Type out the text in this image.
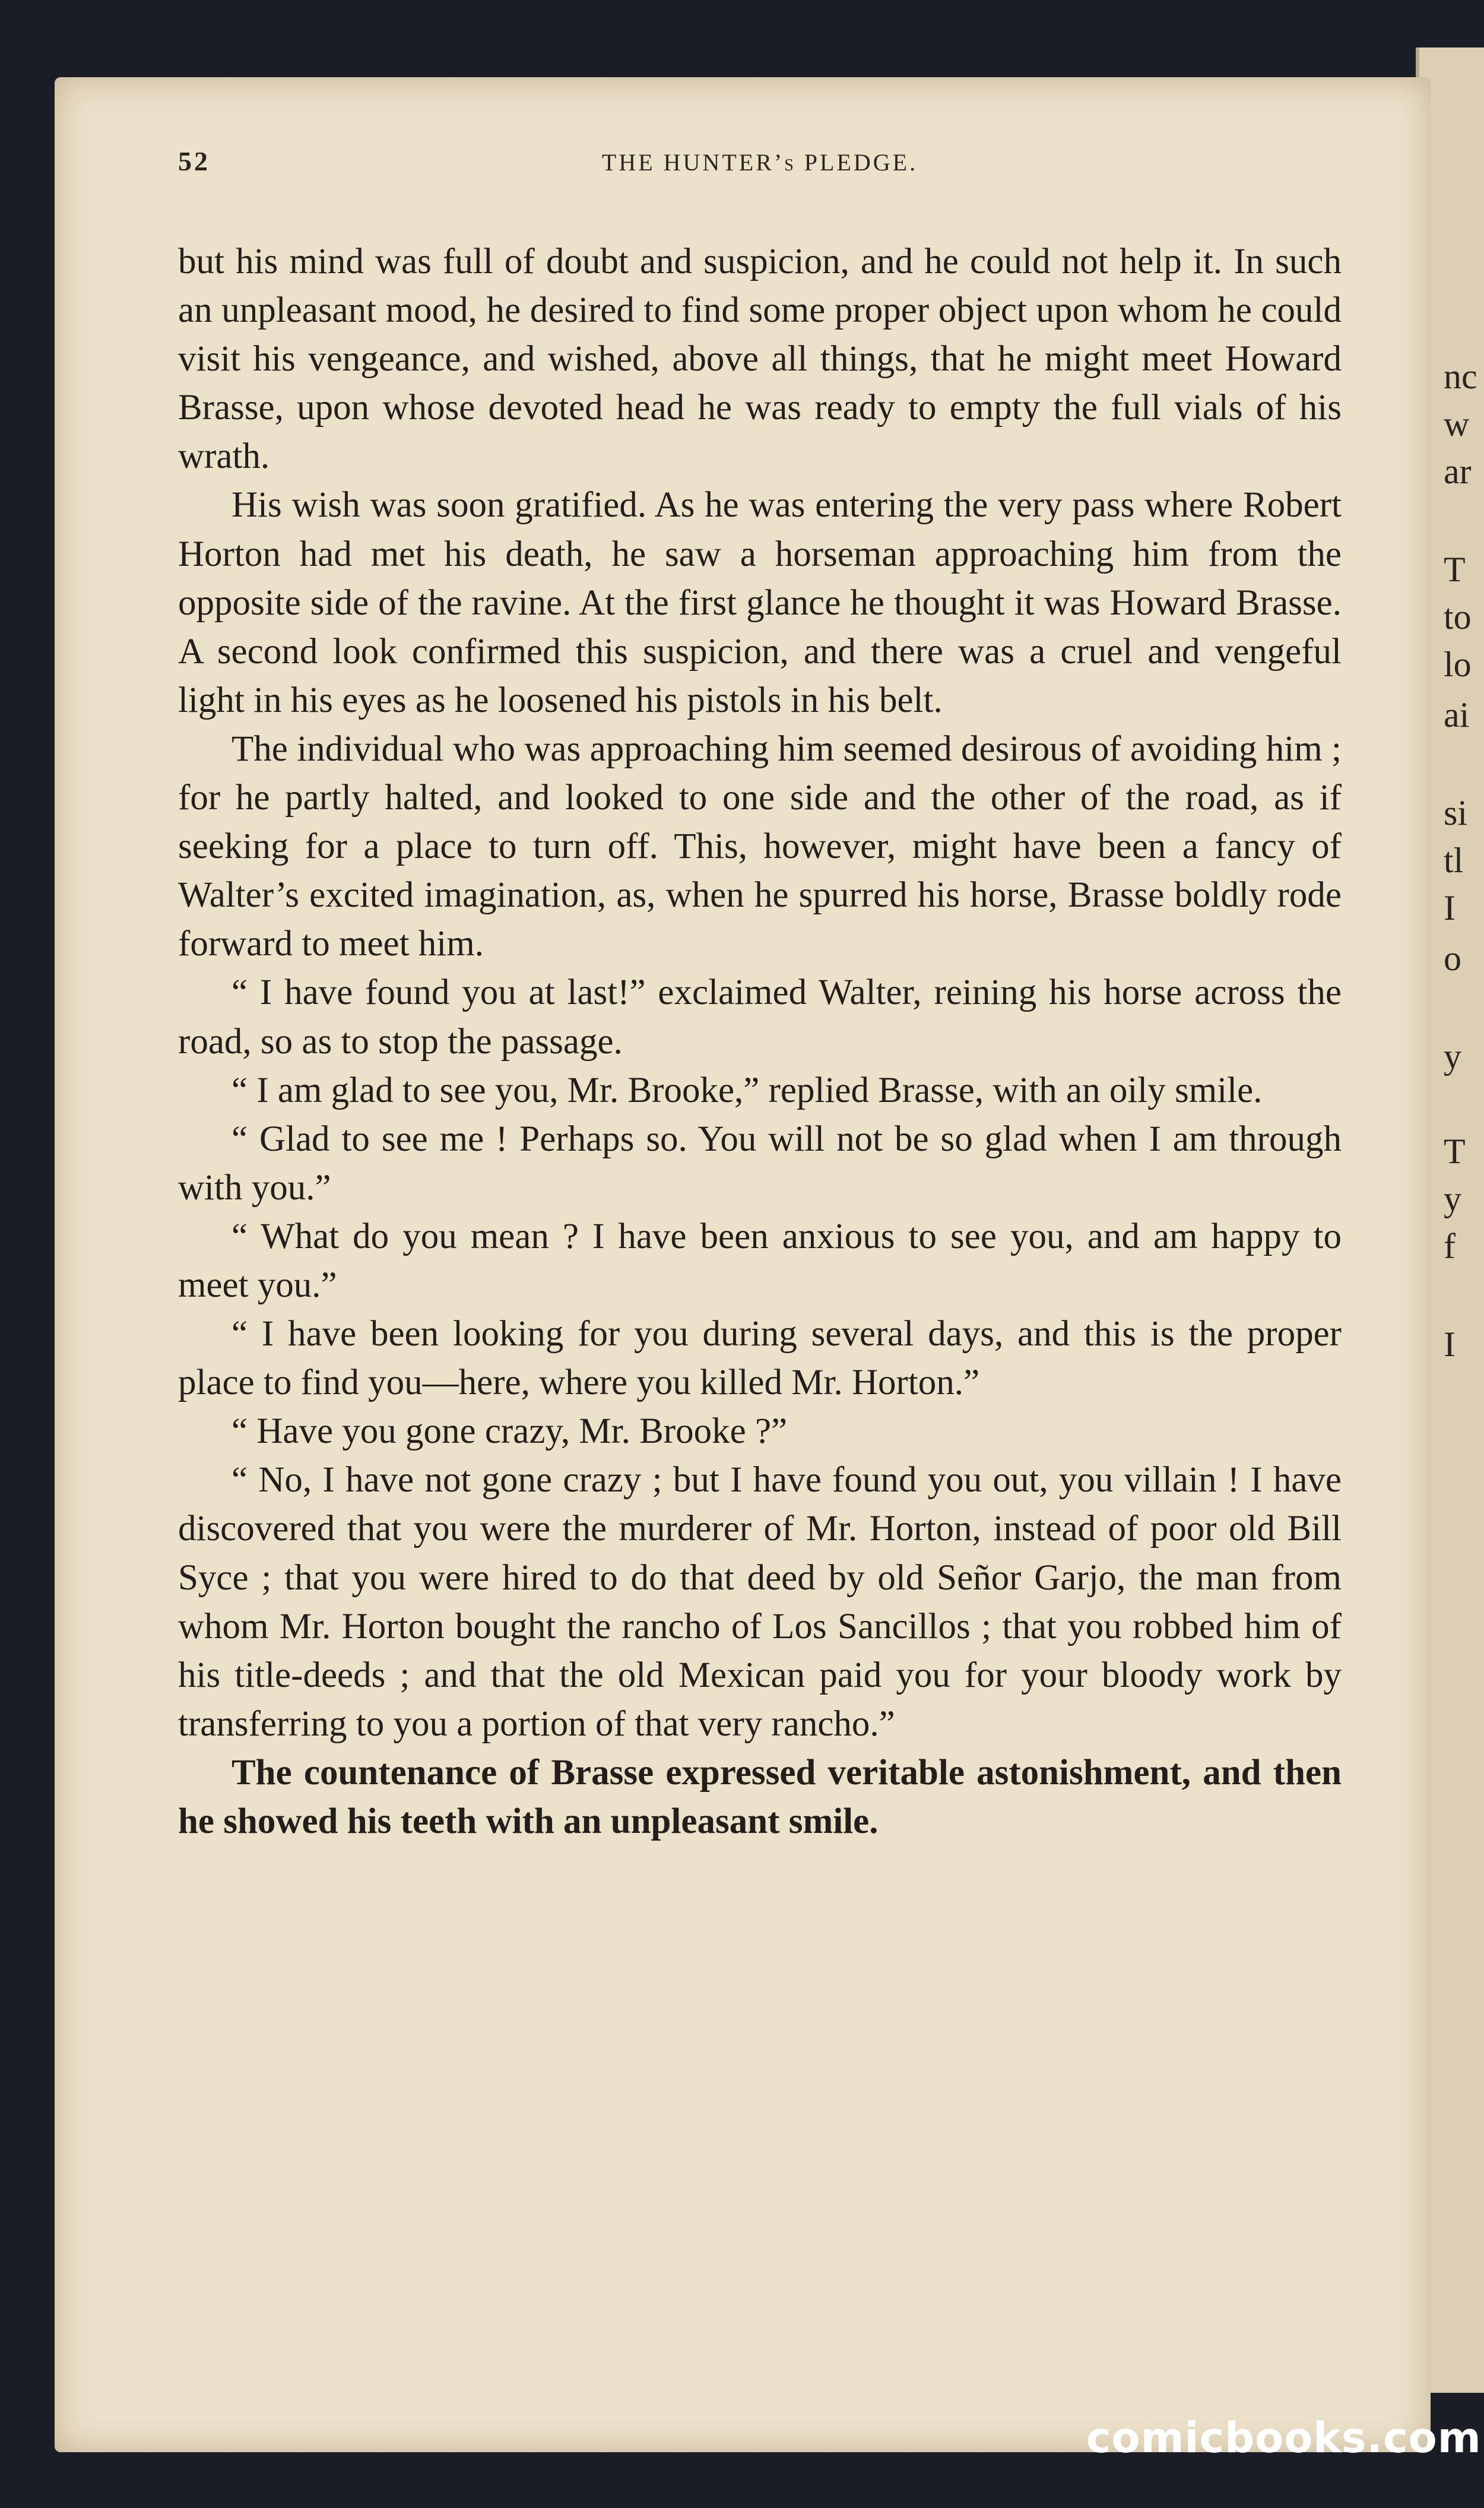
nc
w
ar
T
to
lo
ai
si
tl
I
o
y
T
y
f
I
52	THE HUNTER’s PLEDGE.

but his mind was full of doubt and suspicion, and he could not help it. In such an unpleasant mood, he desired to find some proper object upon whom he could visit his vengeance, and wished, above all things, that he might meet Howard Brasse, upon whose devoted head he was ready to empty the full vials of his wrath.

His wish was soon gratified. As he was entering the very pass where Robert Horton had met his death, he saw a horseman approaching him from the opposite side of the ravine. At the first glance he thought it was Howard Brasse. A second look confirmed this suspicion, and there was a cruel and vengeful light in his eyes as he loosened his pistols in his belt.

The individual who was approaching him seemed desirous of avoiding him ; for he partly halted, and looked to one side and the other of the road, as if seeking for a place to turn off. This, however, might have been a fancy of Walter’s excited imagination, as, when he spurred his horse, Brasse boldly rode forward to meet him.

“ I have found you at last!” exclaimed Walter, reining his horse across the road, so as to stop the passage.

“ I am glad to see you, Mr. Brooke,” replied Brasse, with an oily smile.

“ Glad to see me ! Perhaps so. You will not be so glad when I am through with you.”

“ What do you mean ? I have been anxious to see you, and am happy to meet you.”

“ I have been looking for you during several days, and this is the proper place to find you—here, where you killed Mr. Horton.”

“ Have you gone crazy, Mr. Brooke ?”

“ No, I have not gone crazy ; but I have found you out, you villain ! I have discovered that you were the murderer of Mr. Horton, instead of poor old Bill Syce ; that you were hired to do that deed by old Señor Garjo, the man from whom Mr. Horton bought the rancho of Los Sancillos ; that you robbed him of his title-deeds ; and that the old Mexican paid you for your bloody work by transferring to you a portion of that very rancho.”

The countenance of Brasse expressed veritable astonishment, and then he showed his teeth with an unpleasant smile.

comicbooks.com
